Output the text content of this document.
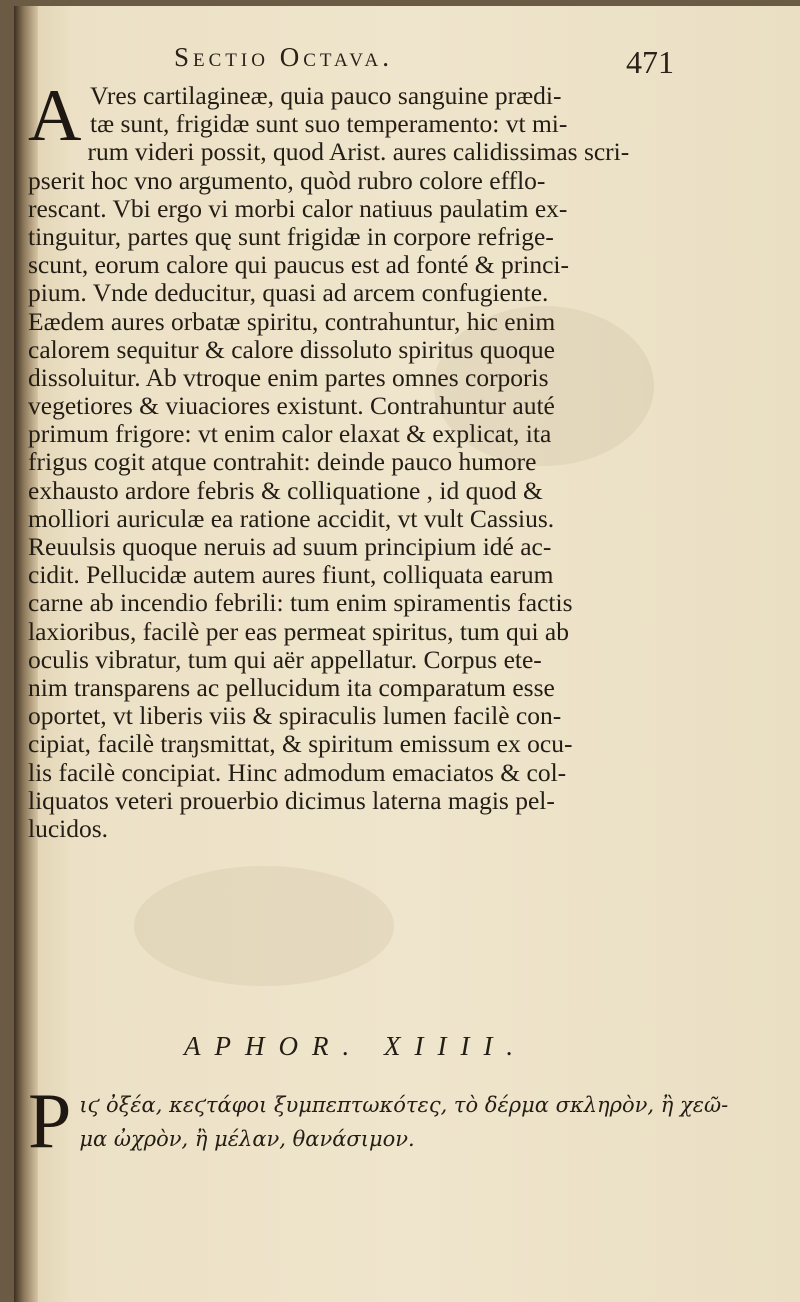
Sectio Octava.	471
A Vres cartilagineæ, quia pauco sanguine prædi-
tæ sunt, frigidæ sunt suo temperamento: vt mi-
rum videri possit, quod Arist. aures calidissimas scri-
pserit hoc vno argumento, quòd rubro colore efflo-
rescant. Vbi ergo vi morbi calor natiuus paulatim ex-
tinguitur, partes quę sunt frigidæ in corpore refrige-
scunt, eorum calore qui paucus est ad fonté & princi-
pium. Vnde deducitur, quasi ad arcem confugiente.
Eædem aures orbatæ spiritu, contrahuntur, hic enim
calorem sequitur & calore dissoluto spiritus quoque
dissoluitur. Ab vtroque enim partes omnes corporis
vegetiores & viuaciores existunt. Contrahuntur auté
primum frigore: vt enim calor elaxat & explicat, ita
frigus cogit atque contrahit: deinde pauco humore
exhausto ardore febris & colliquatione , id quod &
molliori auriculæ ea ratione accidit, vt vult Cassius.
Reuulsis quoque neruis ad suum principium idé ac-
cidit. Pellucidæ autem aures fiunt, colliquata earum
carne ab incendio febrili: tum enim spiramentis factis
laxioribus, facilè per eas permeat spiritus, tum qui ab
oculis vibratur, tum qui aër appellatur. Corpus ete-
nim transparens ac pellucidum ita comparatum esse
oportet, vt liberis viis & spiraculis lumen facilè con-
cipiat, facilè traŋsmittat, & spiritum emissum ex ocu-
lis facilè concipiat. Hinc admodum emaciatos & col-
liquatos veteri prouerbio dicimus laterna magis pel-
lucidos.
APHOR. XIIII.
P ιϛ ὀξέα, κεϛτάφοι ξυμπεπτωκότες, τὸ δέρμα σκληρὸν, ἢ χεῶ-
μα ὠχρὸν, ἢ μέλαν, θανάσιμον.
